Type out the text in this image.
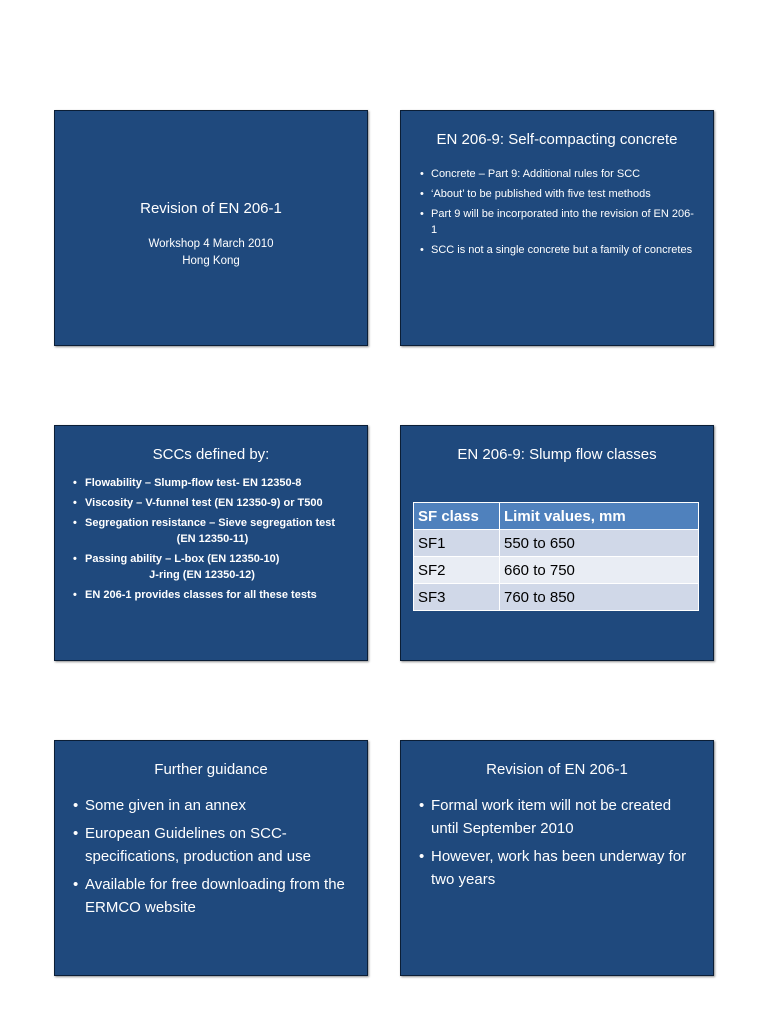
Revision of EN 206-1
Workshop 4 March 2010
Hong Kong
EN 206-9: Self-compacting concrete
• Concrete – Part 9: Additional rules for SCC
• ‘About’ to be published with five test methods
• Part 9 will be incorporated into the revision of EN 206-1
• SCC is not a single concrete but a family of concretes
SCCs defined by:
• Flowability – Slump-flow test- EN 12350-8
• Viscosity – V-funnel test (EN 12350-9) or T500
• Segregation resistance – Sieve segregation test
(EN 12350-11)
• Passing ability – L-box (EN 12350-10)
J-ring (EN 12350-12)
• EN 206-1 provides classes for all these tests
EN 206-9: Slump flow classes
SF class	Limit values, mm
SF1	550 to 650
SF2	660 to 750
SF3	760 to 850
Further guidance
• Some given in an annex
• European Guidelines on SCC-specifications, production and use
• Available for free downloading from the ERMCO website
Revision of EN 206-1
• Formal work item will not be created until September 2010
• However, work has been underway for two years
